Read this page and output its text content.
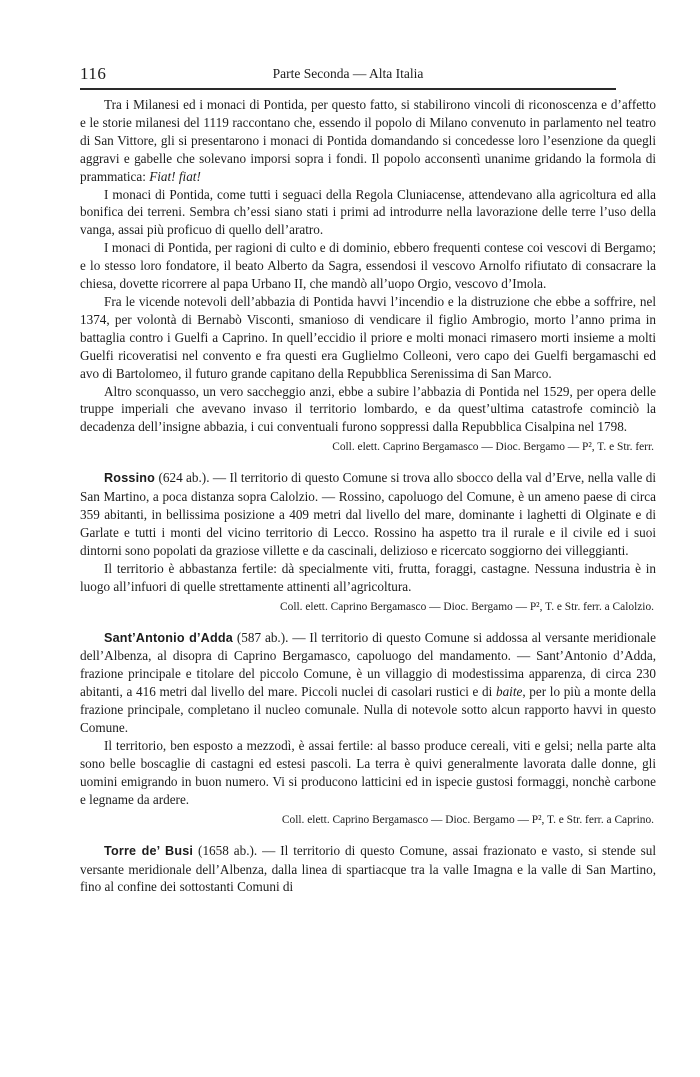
116	Parte Seconda — Alta Italia

Tra i Milanesi ed i monaci di Pontida, per questo fatto, si stabilirono vincoli di riconoscenza e d’affetto e le storie milanesi del 1119 raccontano che, essendo il popolo di Milano convenuto in parlamento nel teatro di San Vittore, gli si presentarono i monaci di Pontida domandando si concedesse loro l’esenzione da quegli aggravi e gabelle che solevano imporsi sopra i fondi. Il popolo acconsentì unanime gridando la formola di prammatica: Fiat! fiat!

I monaci di Pontida, come tutti i seguaci della Regola Cluniacense, attendevano alla agricoltura ed alla bonifica dei terreni. Sembra ch’essi siano stati i primi ad introdurre nella lavorazione delle terre l’uso della vanga, assai più proficuo di quello dell’aratro.

I monaci di Pontida, per ragioni di culto e di dominio, ebbero frequenti contese coi vescovi di Bergamo; e lo stesso loro fondatore, il beato Alberto da Sagra, essendosi il vescovo Arnolfo rifiutato di consacrare la chiesa, dovette ricorrere al papa Urbano II, che mandò all’uopo Orgio, vescovo d’Imola.

Fra le vicende notevoli dell’abbazia di Pontida havvi l’incendio e la distruzione che ebbe a soffrire, nel 1374, per volontà di Bernabò Visconti, smanioso di vendicare il figlio Ambrogio, morto l’anno prima in battaglia contro i Guelfi a Caprino. In quell’eccidio il priore e molti monaci rimasero morti insieme a molti Guelfi ricoveratisi nel convento e fra questi era Guglielmo Colleoni, vero capo dei Guelfi bergamaschi ed avo di Bartolomeo, il futuro grande capitano della Repubblica Serenissima di San Marco.

Altro sconquasso, un vero saccheggio anzi, ebbe a subire l’abbazia di Pontida nel 1529, per opera delle truppe imperiali che avevano invaso il territorio lombardo, e da quest’ultima catastrofe cominciò la decadenza dell’insigne abbazia, i cui conventuali furono soppressi dalla Repubblica Cisalpina nel 1798.

Coll. elett. Caprino Bergamasco — Dioc. Bergamo — P², T. e Str. ferr.

Rossino (624 ab.). — Il territorio di questo Comune si trova allo sbocco della val d’Erve, nella valle di San Martino, a poca distanza sopra Calolzio. — Rossino, capoluogo del Comune, è un ameno paese di circa 359 abitanti, in bellissima posizione a 409 metri dal livello del mare, dominante i laghetti di Olginate e di Garlate e tutti i monti del vicino territorio di Lecco. Rossino ha aspetto tra il rurale e il civile ed i suoi dintorni sono popolati da graziose villette e da cascinali, delizioso e ricercato soggiorno dei villeggianti.

Il territorio è abbastanza fertile: dà specialmente viti, frutta, foraggi, castagne. Nessuna industria è in luogo all’infuori di quelle strettamente attinenti all’agricoltura.

Coll. elett. Caprino Bergamasco — Dioc. Bergamo — P², T. e Str. ferr. a Calolzio.

Sant’Antonio d’Adda (587 ab.). — Il territorio di questo Comune si addossa al versante meridionale dell’Albenza, al disopra di Caprino Bergamasco, capoluogo del mandamento. — Sant’Antonio d’Adda, frazione principale e titolare del piccolo Comune, è un villaggio di modestissima apparenza, di circa 230 abitanti, a 416 metri dal livello del mare. Piccoli nuclei di casolari rustici e di baite, per lo più a monte della frazione principale, completano il nucleo comunale. Nulla di notevole sotto alcun rapporto havvi in questo Comune.

Il territorio, ben esposto a mezzodì, è assai fertile: al basso produce cereali, viti e gelsi; nella parte alta sono belle boscaglie di castagni ed estesi pascoli. La terra è quivi generalmente lavorata dalle donne, gli uomini emigrando in buon numero. Vi si producono latticini ed in ispecie gustosi formaggi, nonchè carbone e legname da ardere.

Coll. elett. Caprino Bergamasco — Dioc. Bergamo — P², T. e Str. ferr. a Caprino.

Torre de’ Busi (1658 ab.). — Il territorio di questo Comune, assai frazionato e vasto, si stende sul versante meridionale dell’Albenza, dalla linea di spartiacque tra la valle Imagna e la valle di San Martino, fino al confine dei sottostanti Comuni di
